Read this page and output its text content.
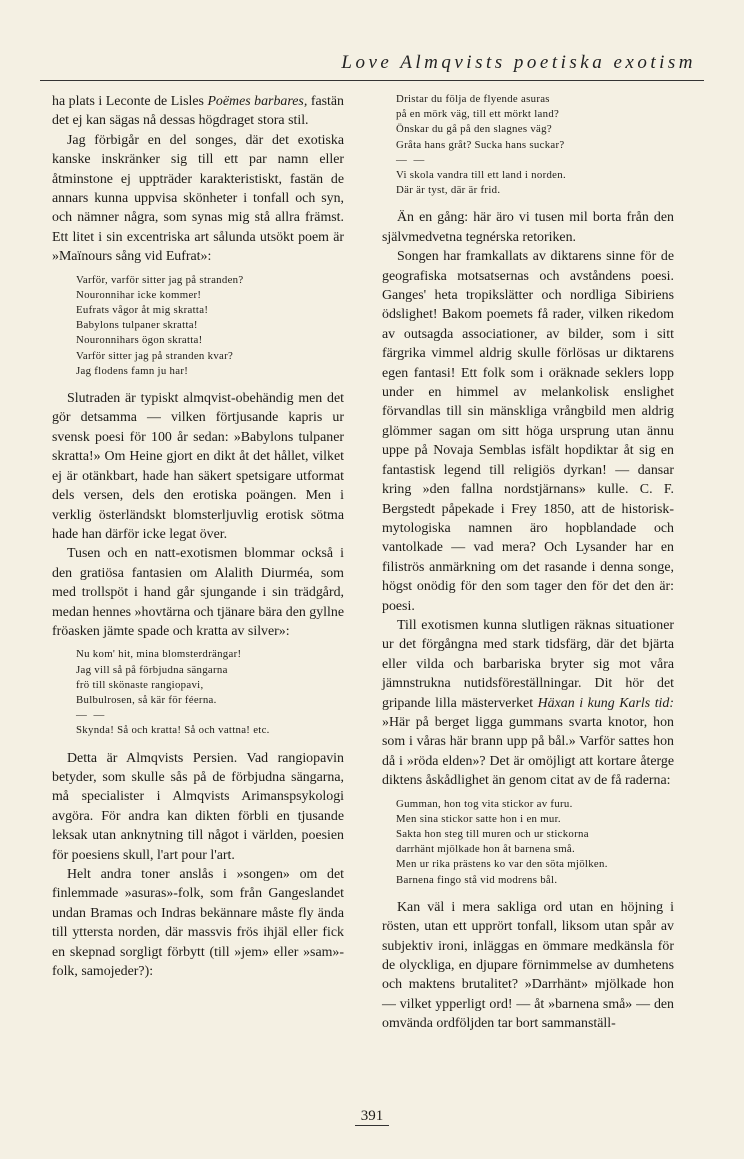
Love Almqvists poetiska exotism

ha plats i Leconte de Lisles Poëmes barbares, fastän det ej kan sägas nå dessas högdraget stora stil.

Jag förbigår en del songes, där det exotiska kanske inskränker sig till ett par namn eller åtminstone ej uppträder karakteristiskt, fastän de annars kunna uppvisa skönheter i tonfall och syn, och nämner några, som synas mig stå allra främst. Ett litet i sin excentriska art sålunda utsökt poem är »Maïnours sång vid Eufrat»:

Varför, varför sitter jag på stranden?
Nouronnihar icke kommer!
Eufrats vågor åt mig skratta!
Babylons tulpaner skratta!
Nouronnihars ögon skratta!
Varför sitter jag på stranden kvar?
Jag flodens famn ju har!

Slutraden är typiskt almqvist-obehändig men det gör detsamma — vilken förtjusande kapris ur svensk poesi för 100 år sedan: »Babylons tulpaner skratta!» Om Heine gjort en dikt åt det hållet, vilket ej är otänkbart, hade han säkert spetsigare utformat dels versen, dels den erotiska poängen. Men i verklig österländskt blomsterljuvlig erotisk sötma hade han därför icke legat över.

Tusen och en natt-exotismen blommar också i den gratiösa fantasien om Alalith Diurméa, som med trollspöt i hand går sjungande i sin trädgård, medan hennes »hovtärna och tjänare bära den gyllne fröasken jämte spade och kratta av silver»:

Nu kom' hit, mina blomsterdrängar!
Jag vill så på förbjudna sängarna
frö till skönaste rangiopavi,
Bulbulrosen, så kär för féerna.
— —
Skynda! Så och kratta! Så och vattna! etc.

Detta är Almqvists Persien. Vad rangiopavin betyder, som skulle sås på de förbjudna sängarna, må specialister i Almqvists Arimanspsykologi avgöra. För andra kan dikten förbli en tjusande leksak utan anknytning till något i världen, poesien för poesiens skull, l'art pour l'art.

Helt andra toner anslås i »songen» om det finlemmade »asuras»-folk, som från Gangeslandet undan Bramas och Indras bekännare måste fly ända till yttersta norden, där massvis frös ihjäl eller fick en skepnad sorgligt förbytt (till »jem» eller »sam»-folk, samojeder?):

Dristar du följa de flyende asuras
på en mörk väg, till ett mörkt land?
Önskar du gå på den slagnes väg?
Gråta hans gråt? Sucka hans suckar?
— —
Vi skola vandra till ett land i norden.
Där är tyst, där är frid.

Än en gång: här äro vi tusen mil borta från den självmedvetna tegnérska retoriken.

Songen har framkallats av diktarens sinne för de geografiska motsatsernas och avståndens poesi. Ganges' heta tropikslätter och nordliga Sibiriens ödslighet! Bakom poemets få rader, vilken rikedom av outsagda associationer, av bilder, som i sitt färgrika vimmel aldrig skulle förlösas ur diktarens egen fantasi! Ett folk som i oräknade seklers lopp under en himmel av melankolisk enslighet förvandlas till sin mänskliga vrångbild men aldrig glömmer sagan om sitt höga ursprung utan ännu uppe på Novaja Semblas isfält hopdiktar åt sig en fantastisk legend till religiös dyrkan! — dansar kring »den fallna nordstjärnans» kulle. C. F. Bergstedt påpekade i Frey 1850, att de historisk-mytologiska namnen äro hopblandade och vantolkade — vad mera? Och Lysander har en filiströs anmärkning om det rasande i denna songe, högst onödig för den som tager den för det den är: poesi.

Till exotismen kunna slutligen räknas situationer ur det förgångna med stark tidsfärg, där det bjärta eller vilda och barbariska bryter sig mot våra jämnstrukna nutidsföreställningar. Dit hör det gripande lilla mästerverket Häxan i kung Karls tid: »Här på berget ligga gummans svarta knotor, hon som i våras här brann upp på bål.» Varför sattes hon då i »röda elden»? Det är omöjligt att kortare återge diktens åskådlighet än genom citat av de få raderna:

Gumman, hon tog vita stickor av furu.
Men sina stickor satte hon i en mur.
Sakta hon steg till muren och ur stickorna
darrhänt mjölkade hon åt barnena små.
Men ur rika prästens ko var den söta mjölken.
Barnena fingo stå vid modrens bål.

Kan väl i mera sakliga ord utan en höjning i rösten, utan ett upprört tonfall, liksom utan spår av subjektiv ironi, inläggas en ömmare medkänsla för de olyckliga, en djupare förnimmelse av dumhetens och maktens brutalitet? »Darrhänt» mjölkade hon — vilket ypperligt ord! — åt »barnena små» — den omvända ordföljden tar bort sammanställ-

391
